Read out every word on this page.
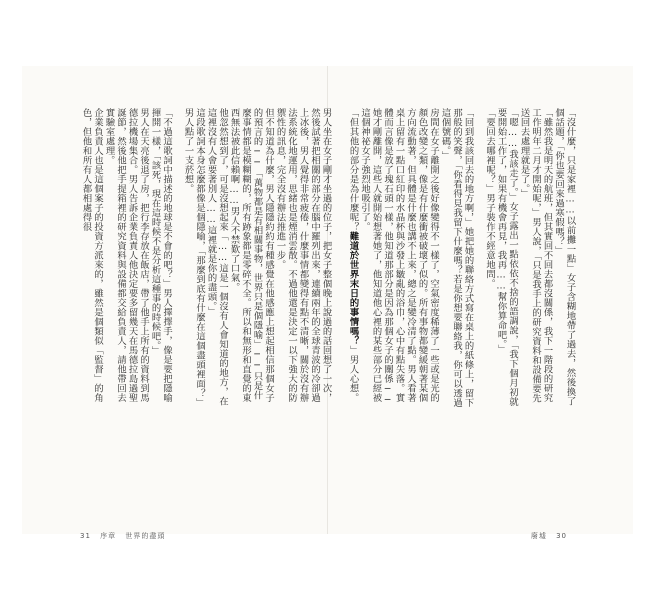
「沒什麼，只是家裡……以前攤一點」女子含糊地帶了過去，然後換了個話題，「你也要回來過寒假嗎？」

「雖然我是明天的航班，但其實回不回去都沒關係，我下一階段的研究工作明年二月才開始呢，」男人說，「只是我手上的研究資料和設備要先送回去處理就是了。」

「嗯……我該走了。」女子露出一點依依不捨的語調說，「我下個月初就要開始工作了，如果有機會再見，我再……幫你算命吧。」

「要回去哪裡呢？」男子裝作不經意地問。

「回到我該回去的地方啊，」她把她的聯絡方式寫在桌上的紙條上，留下那般的笑聲，「你看得見我留下什麼嗎？若是你想要聯絡我，你可以透過這個號碼。」

房間在女子離開之後好像變得不一樣了，空氣密度稀薄了一些或是光的顏色改變之類，像是有什麼衝被破壞了似的。所有事物都變緩朝著某個方向流動著，但具體是什麼也講不上來，總之是變冷清了點。男人看著桌上留有一點口紅印的水晶杯與沙發上皺亂的浴巾，心中有點失落。實體而言像是放了塊石頭一樣，他知道那部分是因為那個女子的關係──她才剛離開，這些人就開始想著她了，他知道他心裡的某些部分已經被這個神祕女子強烈地吸引了。

「但其他的部分是為什麼呢？難道於世界末日的事情嗎？」男人心想。

男人坐在女子剛才坐過的位子，把女子整個晚上說過的話回想了一次，然後試著把相關的部分在腦中羅列出來，連續兩年的全球青波的冷卻過上冰後，男人覺得非常疲倦，什麼事情都變得有點不清晰，關於沒有辦法系統化地運用，思緒也是煙消雲散。不過他還是決定一以下強大的防禦性的訊息，完全沒有辦法推進一步。

但不知道為什麼，男人隱隱約約有種感覺在他感應上想起相信那個女子的預言的──「萬物都是有相關事物，世界只是個隱喻」──只是什麼事情都是模糊糊的，所有跡象都是零碎不全。所以和無形和直覺的東西無法被此信賴啊……男人不禁歎了口氣。

他忽然想到了，可是沒想起來「……這是一個沒有人會知道的地方，在這裡沒有人會要著別人……這裡就是你的盡頭。」

這段歌詞本身怎麼都像是個隱喻，「那麼到底有什麼在這個盡頭裡面？」男人點了一支菸想。

「不過這歌詞中描述的地球是不會的吧？」男人擇擇手，像是要把隱喻揮開一樣，「該死，現在這時候不是分析這種事的時候吧。」

男人在天亮後退了房，把行李存放在飯店，帶了他手上所有的資料到馬德拉機場集合。男人告訴企業負責人他決定要多留幾天在馬德拉島過聖誕節，然後他把手提箱裡的研究資料與設備都交給負責人，請他帶回去實驗室處理。

企業負責人也是這個案子的投資方派來的，雖然是個類似「監督」的角色，但他和所有人都相處得很

31 序章 世界的盡頭	廢墟 30
